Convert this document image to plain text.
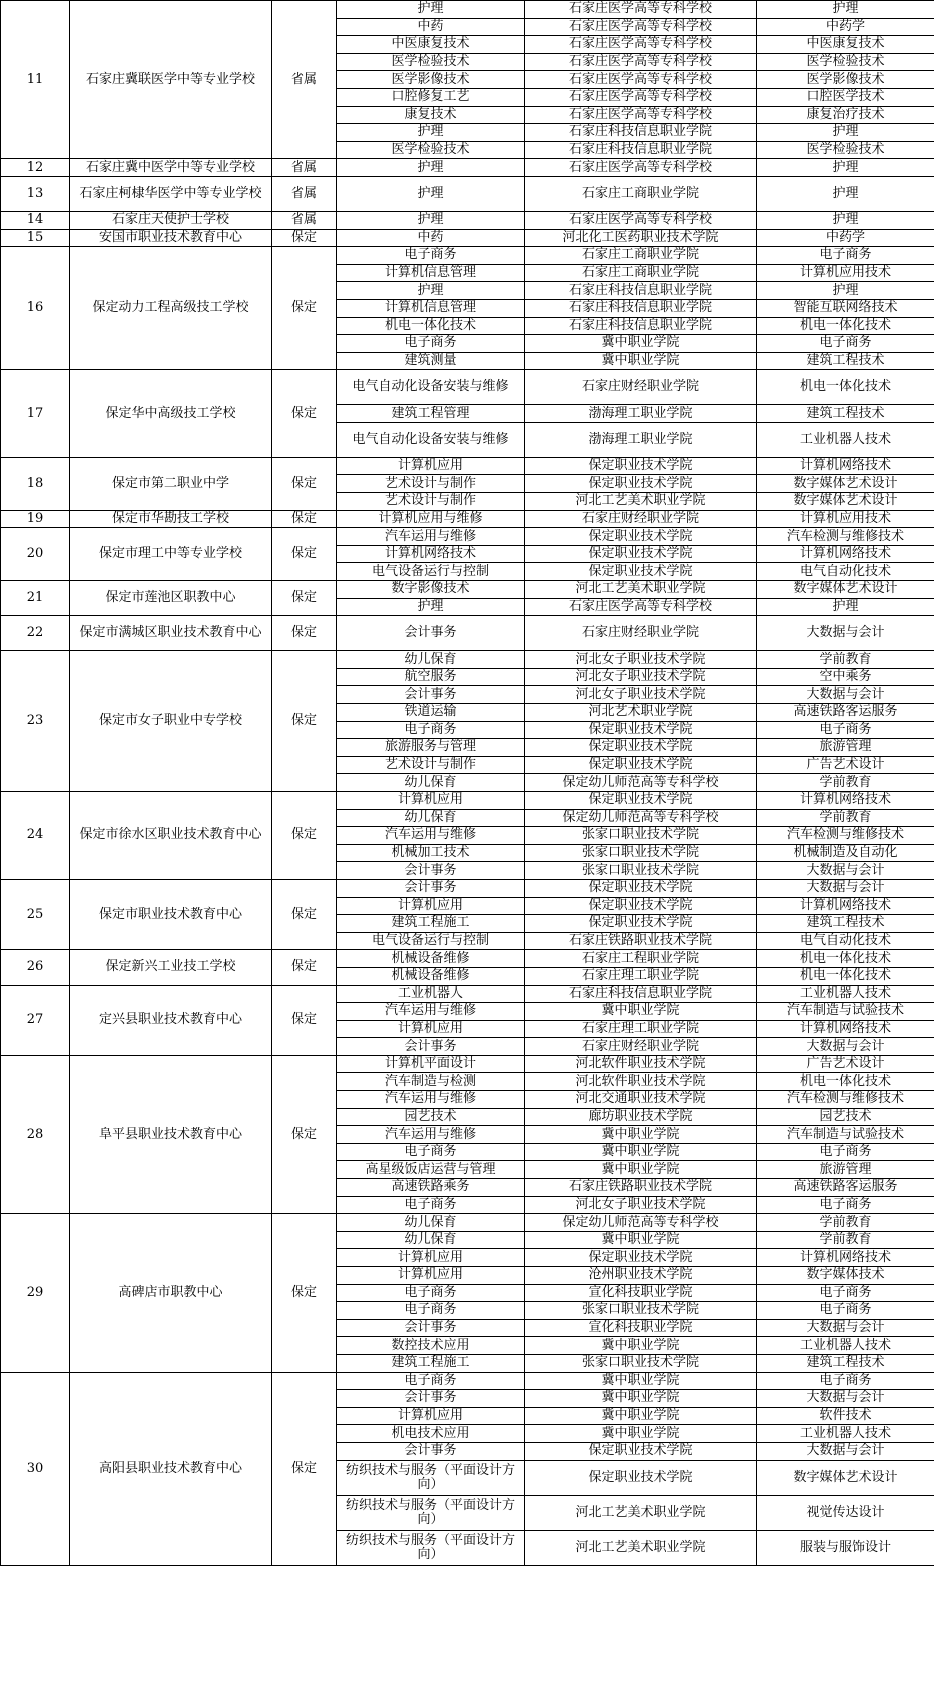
11	石家庄冀联医学中等专业学校	省属	护理	石家庄医学高等专科学校	护理
			中药	石家庄医学高等专科学校	中药学
			中医康复技术	石家庄医学高等专科学校	中医康复技术
			医学检验技术	石家庄医学高等专科学校	医学检验技术
			医学影像技术	石家庄医学高等专科学校	医学影像技术
			口腔修复工艺	石家庄医学高等专科学校	口腔医学技术
			康复技术	石家庄医学高等专科学校	康复治疗技术
			护理	石家庄科技信息职业学院	护理
			医学检验技术	石家庄科技信息职业学院	医学检验技术
12	石家庄冀中医学中等专业学校	省属	护理	石家庄医学高等专科学校	护理
13	石家庄柯棣华医学中等专业学校	省属	护理	石家庄工商职业学院	护理
14	石家庄天使护士学校	省属	护理	石家庄医学高等专科学校	护理
15	安国市职业技术教育中心	保定	中药	河北化工医药职业技术学院	中药学
16	保定动力工程高级技工学校	保定	电子商务	石家庄工商职业学院	电子商务
			计算机信息管理	石家庄工商职业学院	计算机应用技术
			护理	石家庄科技信息职业学院	护理
			计算机信息管理	石家庄科技信息职业学院	智能互联网络技术
			机电一体化技术	石家庄科技信息职业学院	机电一体化技术
			电子商务	冀中职业学院	电子商务
			建筑测量	冀中职业学院	建筑工程技术
17	保定华中高级技工学校	保定	电气自动化设备安装与维修	石家庄财经职业学院	机电一体化技术
			建筑工程管理	渤海理工职业学院	建筑工程技术
			电气自动化设备安装与维修	渤海理工职业学院	工业机器人技术
18	保定市第二职业中学	保定	计算机应用	保定职业技术学院	计算机网络技术
			艺术设计与制作	保定职业技术学院	数字媒体艺术设计
			艺术设计与制作	河北工艺美术职业学院	数字媒体艺术设计
19	保定市华勘技工学校	保定	计算机应用与维修	石家庄财经职业学院	计算机应用技术
20	保定市理工中等专业学校	保定	汽车运用与维修	保定职业技术学院	汽车检测与维修技术
			计算机网络技术	保定职业技术学院	计算机网络技术
			电气设备运行与控制	保定职业技术学院	电气自动化技术
21	保定市莲池区职教中心	保定	数字影像技术	河北工艺美术职业学院	数字媒体艺术设计
			护理	石家庄医学高等专科学校	护理
22	保定市满城区职业技术教育中心	保定	会计事务	石家庄财经职业学院	大数据与会计
23	保定市女子职业中专学校	保定	幼儿保育	河北女子职业技术学院	学前教育
			航空服务	河北女子职业技术学院	空中乘务
			会计事务	河北女子职业技术学院	大数据与会计
			铁道运输	河北艺术职业学院	高速铁路客运服务
			电子商务	保定职业技术学院	电子商务
			旅游服务与管理	保定职业技术学院	旅游管理
			艺术设计与制作	保定职业技术学院	广告艺术设计
			幼儿保育	保定幼儿师范高等专科学校	学前教育
24	保定市徐水区职业技术教育中心	保定	计算机应用	保定职业技术学院	计算机网络技术
			幼儿保育	保定幼儿师范高等专科学校	学前教育
			汽车运用与维修	张家口职业技术学院	汽车检测与维修技术
			机械加工技术	张家口职业技术学院	机械制造及自动化
			会计事务	张家口职业技术学院	大数据与会计
25	保定市职业技术教育中心	保定	会计事务	保定职业技术学院	大数据与会计
			计算机应用	保定职业技术学院	计算机网络技术
			建筑工程施工	保定职业技术学院	建筑工程技术
			电气设备运行与控制	石家庄铁路职业技术学院	电气自动化技术
26	保定新兴工业技工学校	保定	机械设备维修	石家庄工程职业学院	机电一体化技术
			机械设备维修	石家庄理工职业学院	机电一体化技术
27	定兴县职业技术教育中心	保定	工业机器人	石家庄科技信息职业学院	工业机器人技术
			汽车运用与维修	冀中职业学院	汽车制造与试验技术
			计算机应用	石家庄理工职业学院	计算机网络技术
			会计事务	石家庄财经职业学院	大数据与会计
28	阜平县职业技术教育中心	保定	计算机平面设计	河北软件职业技术学院	广告艺术设计
			汽车制造与检测	河北软件职业技术学院	机电一体化技术
			汽车运用与维修	河北交通职业技术学院	汽车检测与维修技术
			园艺技术	廊坊职业技术学院	园艺技术
			汽车运用与维修	冀中职业学院	汽车制造与试验技术
			电子商务	冀中职业学院	电子商务
			高星级饭店运营与管理	冀中职业学院	旅游管理
			高速铁路乘务	石家庄铁路职业技术学院	高速铁路客运服务
			电子商务	河北女子职业技术学院	电子商务
29	高碑店市职教中心	保定	幼儿保育	保定幼儿师范高等专科学校	学前教育
			幼儿保育	冀中职业学院	学前教育
			计算机应用	保定职业技术学院	计算机网络技术
			计算机应用	沧州职业技术学院	数字媒体技术
			电子商务	宣化科技职业学院	电子商务
			电子商务	张家口职业技术学院	电子商务
			会计事务	宣化科技职业学院	大数据与会计
			数控技术应用	冀中职业学院	工业机器人技术
			建筑工程施工	张家口职业技术学院	建筑工程技术
30	高阳县职业技术教育中心	保定	电子商务	冀中职业学院	电子商务
			会计事务	冀中职业学院	大数据与会计
			计算机应用	冀中职业学院	软件技术
			机电技术应用	冀中职业学院	工业机器人技术
			会计事务	保定职业技术学院	大数据与会计
			纺织技术与服务（平面设计方向）	保定职业技术学院	数字媒体艺术设计
			纺织技术与服务（平面设计方向）	河北工艺美术职业学院	视觉传达设计
			纺织技术与服务（平面设计方向）	河北工艺美术职业学院	服装与服饰设计
